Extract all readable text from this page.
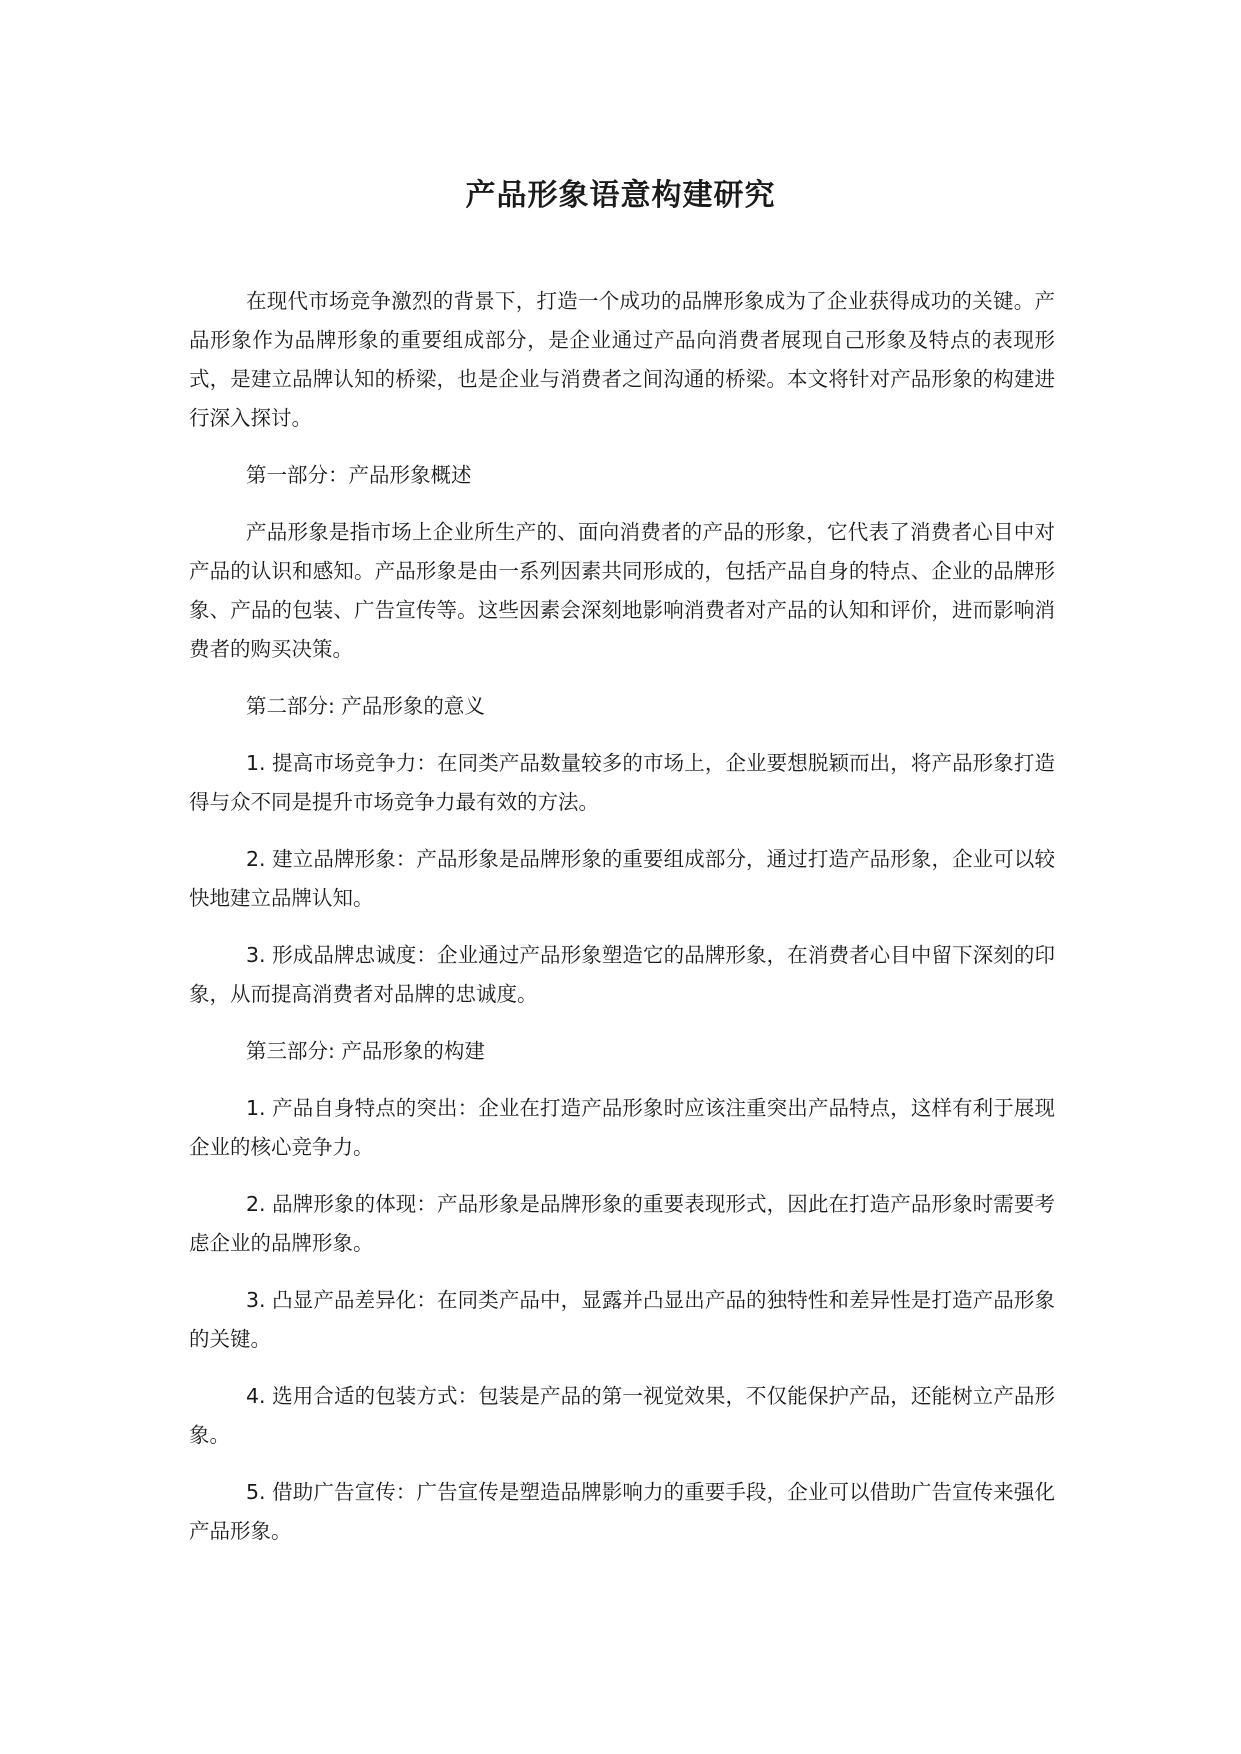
产品形象语意构建研究

在现代市场竞争激烈的背景下，打造一个成功的品牌形象成为了企业获得成功的关键。产品形象作为品牌形象的重要组成部分，是企业通过产品向消费者展现自己形象及特点的表现形式，是建立品牌认知的桥梁，也是企业与消费者之间沟通的桥梁。本文将针对产品形象的构建进行深入探讨。

第一部分：产品形象概述

产品形象是指市场上企业所生产的、面向消费者的产品的形象，它代表了消费者心目中对产品的认识和感知。产品形象是由一系列因素共同形成的，包括产品自身的特点、企业的品牌形象、产品的包装、广告宣传等。这些因素会深刻地影响消费者对产品的认知和评价，进而影响消费者的购买决策。

第二部分: 产品形象的意义

1. 提高市场竞争力：在同类产品数量较多的市场上，企业要想脱颖而出，将产品形象打造得与众不同是提升市场竞争力最有效的方法。

2. 建立品牌形象：产品形象是品牌形象的重要组成部分，通过打造产品形象，企业可以较快地建立品牌认知。

3. 形成品牌忠诚度：企业通过产品形象塑造它的品牌形象，在消费者心目中留下深刻的印象，从而提高消费者对品牌的忠诚度。

第三部分: 产品形象的构建

1. 产品自身特点的突出：企业在打造产品形象时应该注重突出产品特点，这样有利于展现企业的核心竞争力。

2. 品牌形象的体现：产品形象是品牌形象的重要表现形式，因此在打造产品形象时需要考虑企业的品牌形象。

3. 凸显产品差异化：在同类产品中，显露并凸显出产品的独特性和差异性是打造产品形象的关键。

4. 选用合适的包装方式：包装是产品的第一视觉效果，不仅能保护产品，还能树立产品形象。

5. 借助广告宣传：广告宣传是塑造品牌影响力的重要手段，企业可以借助广告宣传来强化产品形象。
